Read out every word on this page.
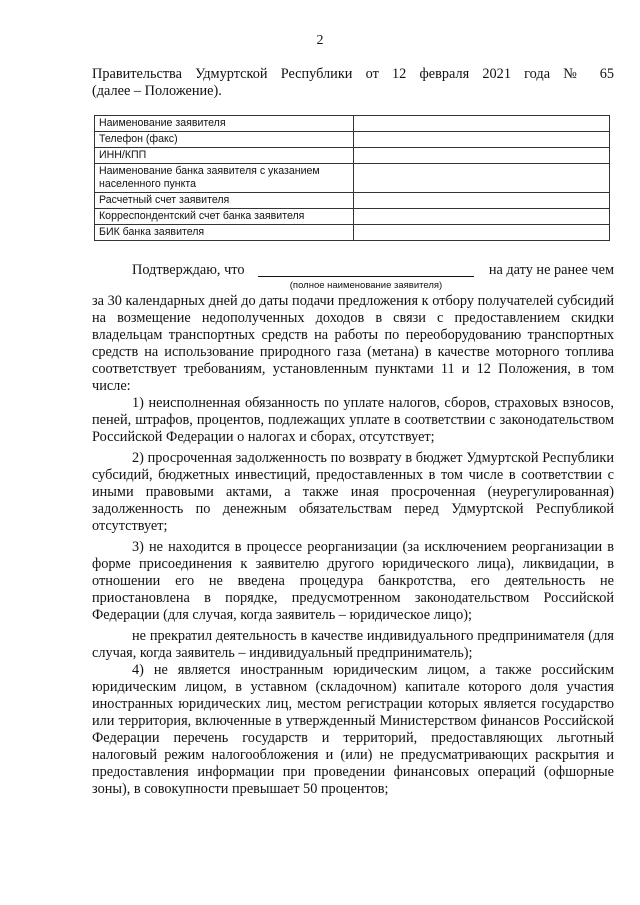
2
Правительства Удмуртской Республики от 12 февраля 2021 года № 65
(далее – Положение).
Наименование заявителя	
Телефон (факс)	
ИНН/КПП	
Наименование банка заявителя с указанием населенного пункта	
Расчетный счет заявителя	
Корреспондентский счет банка заявителя	
БИК банка заявителя	
Подтверждаю, что	на дату не ранее чем
(полное наименование заявителя)

за 30 календарных дней до даты подачи предложения к отбору получателей субсидий на возмещение недополученных доходов в связи с предоставлением скидки владельцам транспортных средств на работы по переоборудованию транспортных средств на использование природного газа (метана) в качестве моторного топлива соответствует требованиям, установленным пунктами 11 и 12 Положения, в том числе:

1) неисполненная обязанность по уплате налогов, сборов, страховых взносов, пеней, штрафов, процентов, подлежащих уплате в соответствии с законодательством Российской Федерации о налогах и сборах, отсутствует;

2) просроченная задолженность по возврату в бюджет Удмуртской Республики субсидий, бюджетных инвестиций, предоставленных в том числе в соответствии с иными правовыми актами, а также иная просроченная (неурегулированная) задолженность по денежным обязательствам перед Удмуртской Республикой отсутствует;

3) не находится в процессе реорганизации (за исключением реорганизации в форме присоединения к заявителю другого юридического лица), ликвидации, в отношении его не введена процедура банкротства, его деятельность не приостановлена в порядке, предусмотренном законодательством Российской Федерации (для случая, когда заявитель – юридическое лицо);

не прекратил деятельность в качестве индивидуального предпринимателя (для случая, когда заявитель – индивидуальный предприниматель);

4) не является иностранным юридическим лицом, а также российским юридическим лицом, в уставном (складочном) капитале которого доля участия иностранных юридических лиц, местом регистрации которых является государство или территория, включенные в утвержденный Министерством финансов Российской Федерации перечень государств и территорий, предоставляющих льготный налоговый режим налогообложения и (или) не предусматривающих раскрытия и предоставления информации при проведении финансовых операций (офшорные зоны), в совокупности превышает 50 процентов;
